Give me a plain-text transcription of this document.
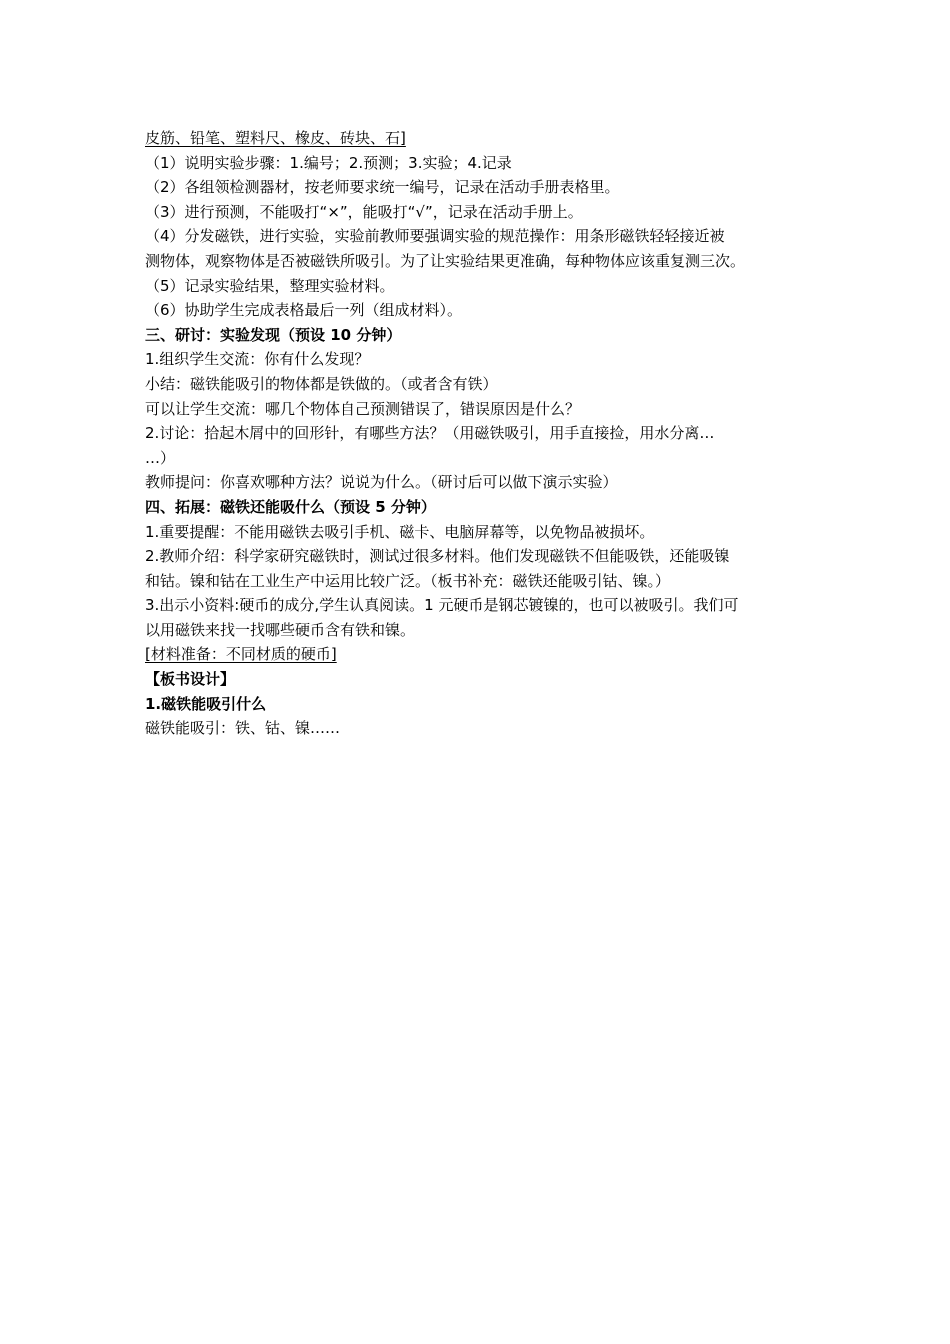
皮筋、铅笔、塑料尺、橡皮、砖块、石]
（1）说明实验步骤：1.编号；2.预测；3.实验；4.记录
（2）各组领检测器材，按老师要求统一编号，记录在活动手册表格里。
（3）进行预测，不能吸打“×”，能吸打“√”，记录在活动手册上。
（4）分发磁铁，进行实验，实验前教师要强调实验的规范操作：用条形磁铁轻轻接近被
测物体，观察物体是否被磁铁所吸引。为了让实验结果更准确，每种物体应该重复测三次。
（5）记录实验结果，整理实验材料。
（6）协助学生完成表格最后一列（组成材料）。
三、研讨：实验发现（预设 10 分钟）
1.组织学生交流：你有什么发现？
小结：磁铁能吸引的物体都是铁做的。（或者含有铁）
可以让学生交流：哪几个物体自己预测错误了，错误原因是什么？
2.讨论：拾起木屑中的回形针，有哪些方法？（用磁铁吸引，用手直接捡，用水分离…
…）
教师提问：你喜欢哪种方法？说说为什么。（研讨后可以做下演示实验）
四、拓展：磁铁还能吸什么（预设 5 分钟）
1.重要提醒：不能用磁铁去吸引手机、磁卡、电脑屏幕等，以免物品被损坏。
2.教师介绍：科学家研究磁铁时，测试过很多材料。他们发现磁铁不但能吸铁，还能吸镍
和钴。镍和钴在工业生产中运用比较广泛。（板书补充：磁铁还能吸引钴、镍。）
3.出示小资料:硬币的成分,学生认真阅读。1 元硬币是钢芯镀镍的，也可以被吸引。我们可
以用磁铁来找一找哪些硬币含有铁和镍。
[材料准备：不同材质的硬币]
【板书设计】
1.磁铁能吸引什么
磁铁能吸引：铁、钴、镍……
